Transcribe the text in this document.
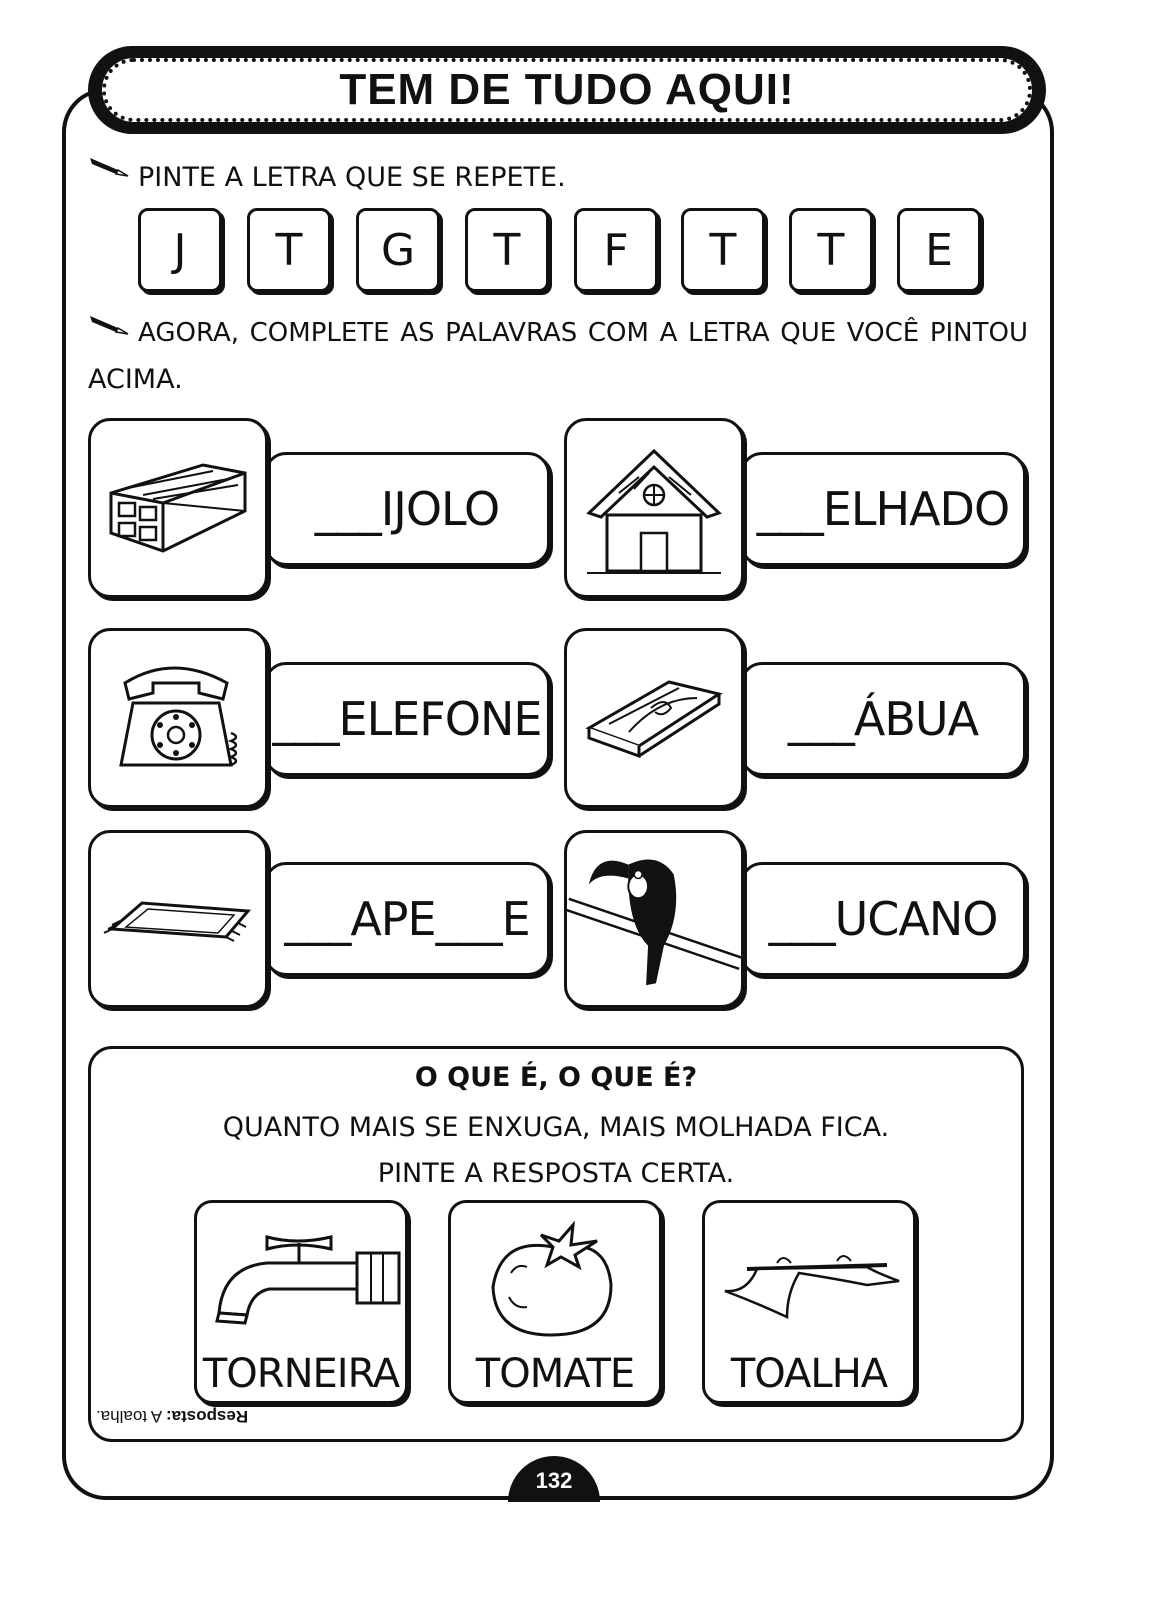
TEM DE TUDO AQUI!
PINTE A LETRA QUE SE REPETE.
J T G T F T T E
AGORA, COMPLETE AS PALAVRAS COM A LETRA QUE VOCÊ PINTOU
ACIMA.
___IJOLO	___ELHADO
___ELEFONE	___ÁBUA
___APE___E	___UCANO
O QUE É, O QUE É?
QUANTO MAIS SE ENXUGA, MAIS MOLHADA FICA.
PINTE A RESPOSTA CERTA.
TORNEIRA	TOMATE	TOALHA
Resposta: A toalha.
132
